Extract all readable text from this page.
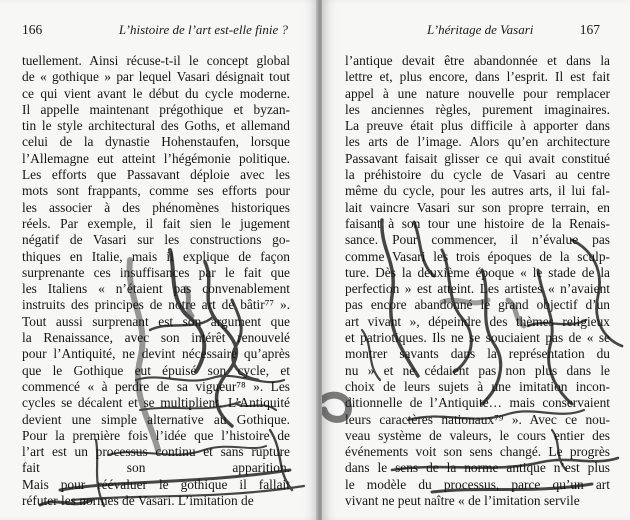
166	L’histoire de l’art est-elle finie ?
tuellement. Ainsi récuse-t-il le concept global
de « gothique » par lequel Vasari désignait tout
ce qui vient avant le début du cycle moderne.
Il appelle maintenant prégothique et byzan-
tin le style architectural des Goths, et allemand
celui de la dynastie Hohenstaufen, lorsque
l’Allemagne eut atteint l’hégémonie politique.
Les efforts que Passavant déploie avec les
mots sont frappants, comme ses efforts pour
les associer à des phénomènes historiques
réels. Par exemple, il fait sien le jugement
négatif de Vasari sur les constructions go-
thiques en Italie, mais il explique de façon
surprenante ces insuffisances par le fait que
les Italiens « n’étaient pas convenablement
instruits des principes de notre art de bâtir⁷⁷ ».
Tout aussi surprenant est son argument que
la Renaissance, avec son intérêt renouvelé
pour l’Antiquité, ne devint nécessaire qu’après
que le Gothique eut épuisé son cycle, et
commencé « à perdre de sa vigueur⁷⁸ ». Les
cycles se décalent et se multiplient. L’Antiquité
devient une simple alternative au Gothique.
Pour la première fois l’idée que l’histoire de
l’art est un processus continu et sans rupture
fait son apparition.
Mais pour réévaluer le gothique il fallait
réfuter les normes de Vasari. L’imitation de
L’héritage de Vasari	167
l’antique devait être abandonnée et dans la
lettre et, plus encore, dans l’esprit. Il est fait
appel à une nature nouvelle pour remplacer
les anciennes règles, purement imaginaires.
La preuve était plus difficile à apporter dans
les arts de l’image. Alors qu’en architecture
Passavant faisait glisser ce qui avait constitué
la préhistoire du cycle de Vasari au centre
même du cycle, pour les autres arts, il lui fal-
lait vaincre Vasari sur son propre terrain, en
faisant à son tour une histoire de la Renais-
sance. Pour commencer, il n’évalue pas
comme Vasari les trois époques de la sculp-
ture. Dès la deuxième époque « le stade de la
perfection » est atteint. Les artistes « n’avaient
pas encore abandonné le grand objectif d’un
art vivant », dépeindre des thèmes religieux
et patriotiques. Ils ne se souciaient pas de « se
montrer savants dans la représentation du
nu » et ne cédaient pas non plus dans le
choix de leurs sujets à une imitation incon-
ditionnelle de l’Antiquité… mais conservaient
leurs caractères nationaux⁷⁹ ». Avec ce nou-
veau système de valeurs, le cours entier des
événements voit son sens changé. Le progrès
dans le sens de la norme antique n’est plus
le modèle du processus, parce qu’un art
vivant ne peut naître « de l’imitation servile
